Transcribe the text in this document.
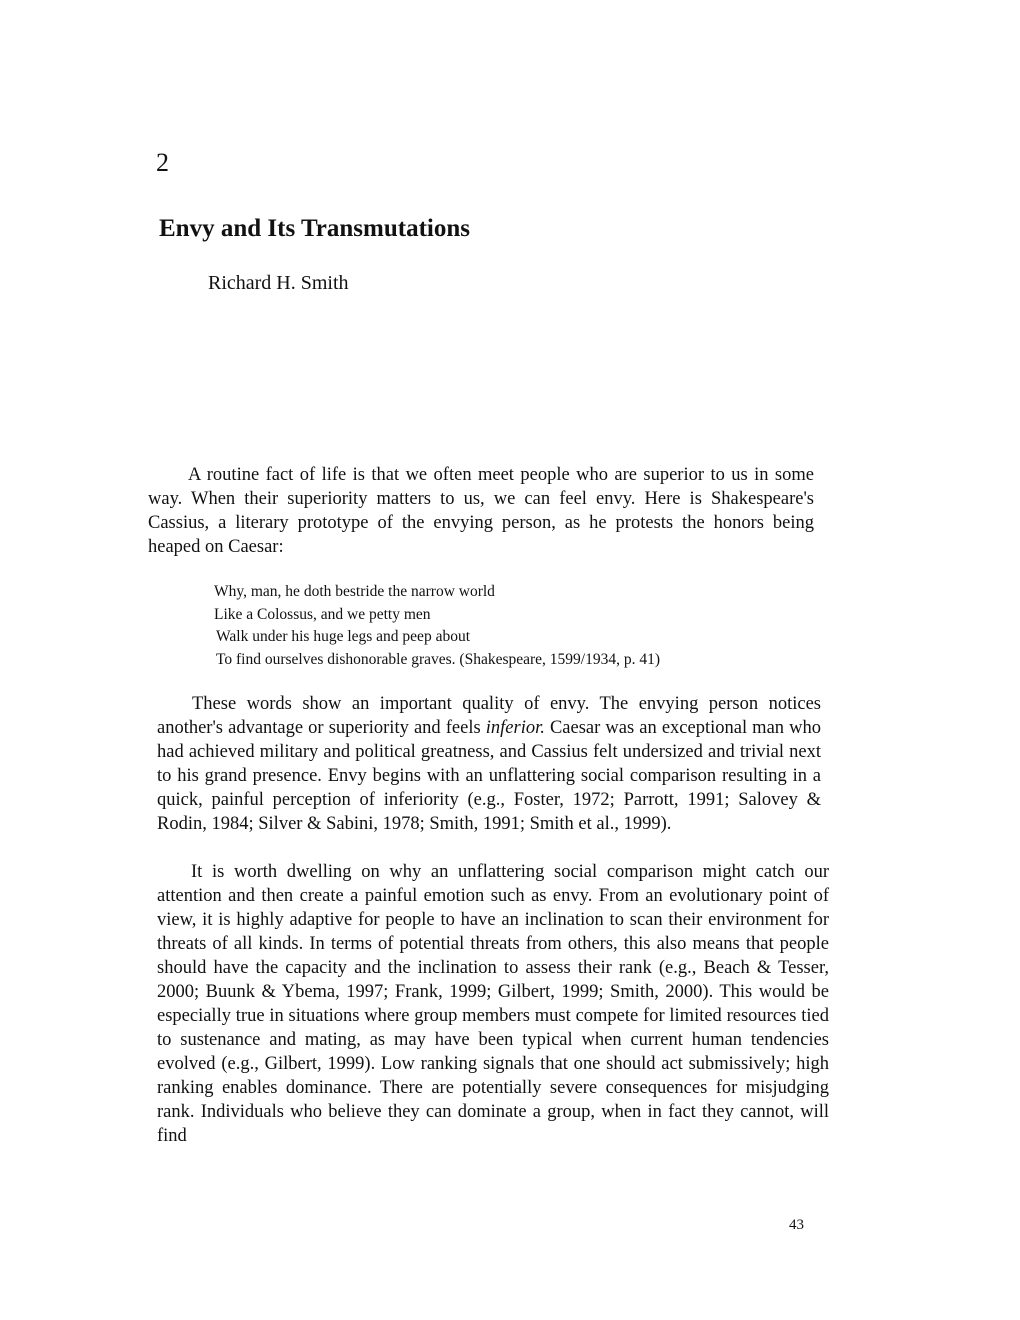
2
Envy and Its Transmutations
Richard H. Smith

A routine fact of life is that we often meet people who are superior to us in some way. When their superiority matters to us, we can feel envy. Here is Shakespeare's Cassius, a literary prototype of the envying person, as he protests the honors being heaped on Caesar:

Why, man, he doth bestride the narrow world
Like a Colossus, and we petty men
Walk under his huge legs and peep about
To find ourselves dishonorable graves. (Shakespeare, 1599/1934, p. 41)

These words show an important quality of envy. The envying person notices another's advantage or superiority and feels inferior. Caesar was an exceptional man who had achieved military and political greatness, and Cassius felt undersized and trivial next to his grand presence. Envy begins with an unflattering social comparison resulting in a quick, painful perception of inferiority (e.g., Foster, 1972; Parrott, 1991; Salovey & Rodin, 1984; Silver & Sabini, 1978; Smith, 1991; Smith et al., 1999).

It is worth dwelling on why an unflattering social comparison might catch our attention and then create a painful emotion such as envy. From an evolutionary point of view, it is highly adaptive for people to have an inclination to scan their environment for threats of all kinds. In terms of potential threats from others, this also means that people should have the capacity and the inclination to assess their rank (e.g., Beach & Tesser, 2000; Buunk & Ybema, 1997; Frank, 1999; Gilbert, 1999; Smith, 2000). This would be especially true in situations where group members must compete for limited resources tied to sustenance and mating, as may have been typical when current human tendencies evolved (e.g., Gilbert, 1999). Low ranking signals that one should act submissively; high ranking enables dominance. There are potentially severe consequences for misjudging rank. Individuals who believe they can dominate a group, when in fact they cannot, will find

43
